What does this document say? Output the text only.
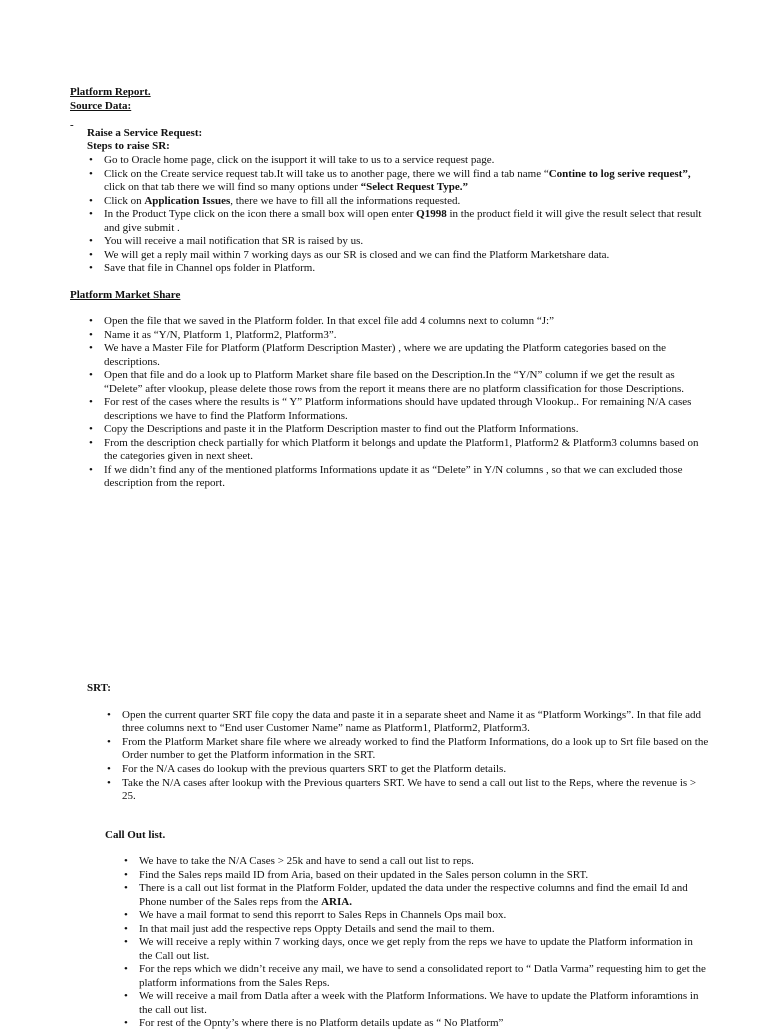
Platform Report.
Source Data:
-
Raise a Service Request:
Steps to raise SR:
• Go to Oracle home page, click on the isupport it will take to us to a service request page.
• Click on the Create service request tab.It will take us to another page, there we will find a tab name “Contine to log serive request”, click on that tab there we will find so many options under “Select Request Type.”
• Click on Application Issues, there we have to fill all the informations requested.
• In the Product Type click on the icon there a small box will open enter Q1998 in the product field it will give the result select that result and give submit .
• You will receive a mail notification that SR is raised by us.
• We will get a reply mail within 7 working days as our SR is closed and we can find the Platform Marketshare data.
• Save that file in Channel ops folder in Platform.
Platform Market Share
• Open the file that we saved in the Platform folder. In that excel file add 4 columns next to column “J:”
• Name it as “Y/N, Platform 1, Platform2, Platform3”.
• We have a Master File for Platform (Platform Description Master) , where we are updating the Platform categories based on the descriptions.
• Open that file and do a look up to Platform Market share file based on the Description.In the “Y/N” column if we get the result as “Delete” after vlookup, please delete those rows from the report it means there are no platform classification for those Descriptions.
• For rest of the cases where the results is “ Y” Platform informations should have updated through Vlookup.. For remaining N/A cases descriptions we have to find the Platform Informations.
• Copy the Descriptions and paste it in the Platform Description master to find out the Platform Informations.
• From the description check partially for which Platform it belongs and update the Platform1, Platform2 & Platform3 columns based on the categories given in next sheet.
• If we didn’t find any of the mentioned platforms Informations update it as “Delete” in Y/N columns , so that we can excluded those description from the report.
SRT:
• Open the current quarter SRT file copy the data and paste it in a separate sheet and Name it as “Platform Workings”. In that file add three columns next to “End user Customer Name” name as Platform1, Platform2, Platform3.
• From the Platform Market share file where we already worked to find the Platform Informations, do a look up to Srt file based on the Order number to get the Platform information in the SRT.
• For the N/A cases do lookup with the previous quarters SRT to get the Platform details.
• Take the N/A cases after lookup with the Previous quarters SRT. We have to send a call out list to the Reps, where the revenue is > 25.
Call Out list.
• We have to take the N/A Cases > 25k and have to send a call out list to reps.
• Find the Sales reps maild ID from Aria, based on their updated in the Sales person column in the SRT.
• There is a call out list format in the Platform Folder, updated the data under the respective columns and find the email Id and Phone number of the Sales reps from the ARIA.
• We have a mail format to send this reporrt to Sales Reps in Channels Ops mail box.
• In that mail just add the respective reps Oppty Details and send the mail to them.
• We will receive a reply within 7 working days, once we get reply from the reps we have to update the Platform information in the Call out list.
• For the reps which we didn’t receive any mail, we have to send a consolidated report to “ Datla Varma” requesting him to get the platform informations from the Sales Reps.
• We will receive a mail from Datla after a week with the Platform Informations. We have to update the Platform inforamtions in the call out list.
• For rest of the Opnty’s where there is no Platform details update as “ No Platform”
